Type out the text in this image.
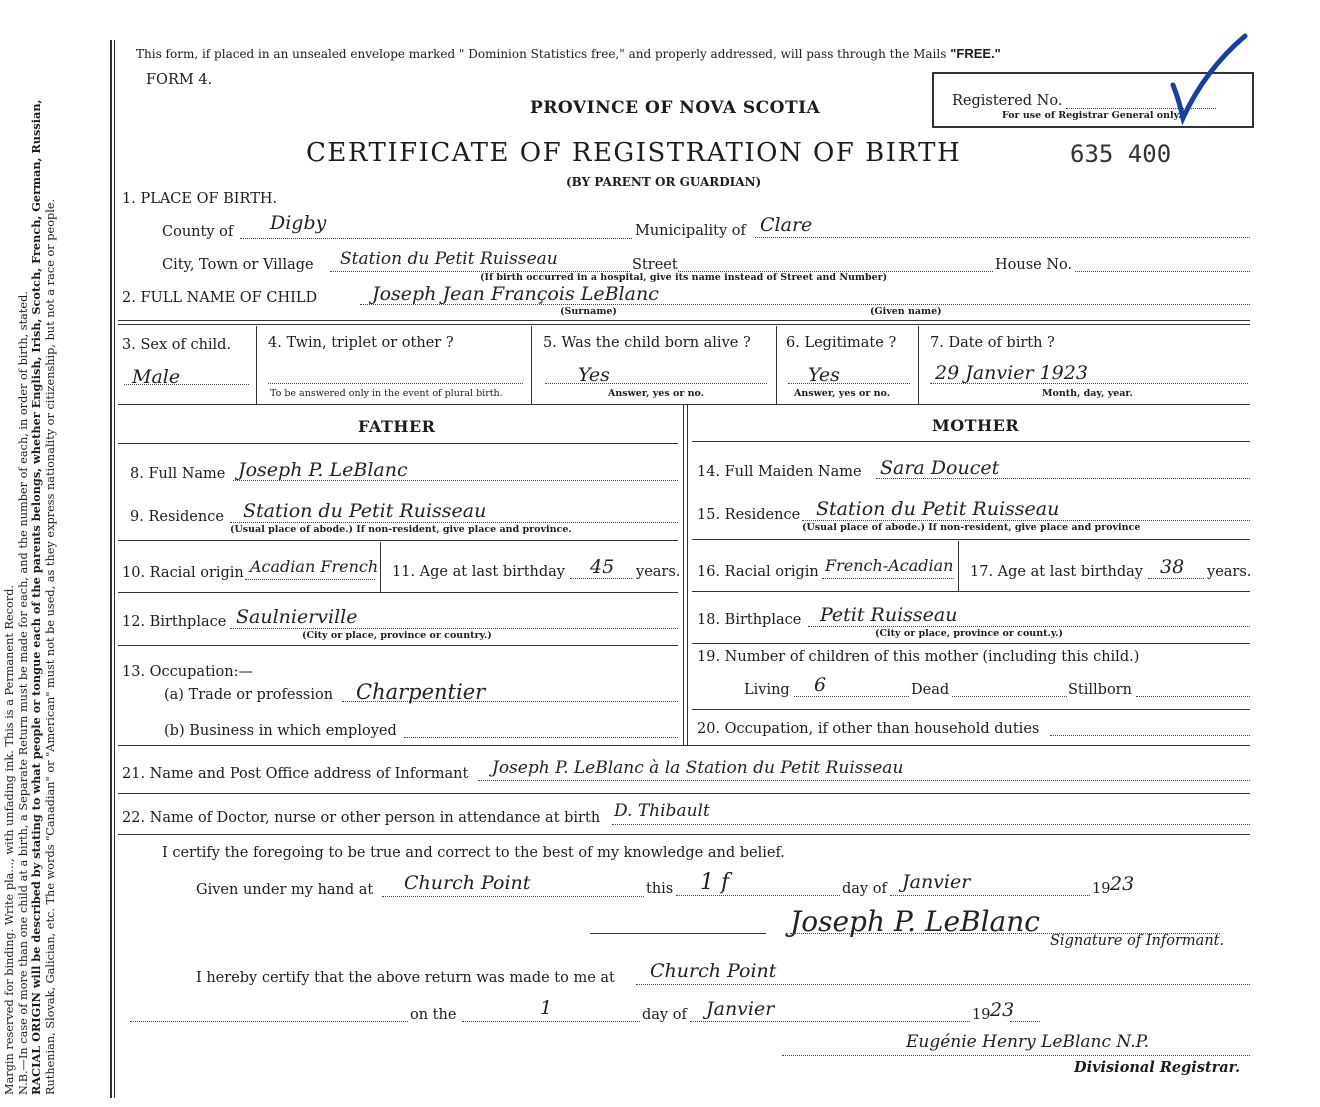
Margin reserved for binding. Write pla..., with unfading ink. This is a Permanent Record. N.B.—In case of more than one child at a birth, a Separate Return must be made for each, and the number of each, in order of birth, stated. RACIAL ORIGIN will be described by stating to what people or tongue each of the parents belongs, whether English, Irish, Scotch, French, German, Russian, Ruthenian, Slovak, Galician, etc. The words "Canadian" or "American" must not be used, as they express nationality or citizenship, but not a race or people.
This form, if placed in an unsealed envelope marked " Dominion Statistics free," and properly addressed, will pass through the Mails "FREE."
FORM 4.
PROVINCE OF NOVA SCOTIA
CERTIFICATE OF REGISTRATION OF BIRTH	635 400
(BY PARENT OR GUARDIAN)
Registered No.
For use of Registrar General only.
1. PLACE OF BIRTH.
County of Digby	Municipality of Clare
City, Town or Village Station du Petit Ruisseau	Street	House No.
(If birth occurred in a hospital, give its name instead of Street and Number)
2. FULL NAME OF CHILD	Joseph Jean François LeBlanc
(Surname)	(Given name)
3. Sex of child.
Male
4. Twin, triplet or other ?
To be answered only in the event of plural birth.
5. Was the child born alive ?
Yes
Answer, yes or no.
6. Legitimate ?
Yes
Answer, yes or no.
7. Date of birth ?
29 Janvier 1923
Month, day, year.
FATHER	MOTHER
8. Full Name Joseph P. LeBlanc
9. Residence Station du Petit Ruisseau
(Usual place of abode.) If non-resident, give place and province.
10. Racial origin Acadian French 11. Age at last birthday 45 years.
12. Birthplace Saulnierville
(City or place, province or country.)
13. Occupation:—
(a) Trade or profession Charpentier
(b) Business in which employed
14. Full Maiden Name Sara Doucet
15. Residence Station du Petit Ruisseau
(Usual place of abode.) If non-resident, give place and province
16. Racial origin French-Acadian 17. Age at last birthday 38 years.
18. Birthplace Petit Ruisseau
(City or place, province or count.y.)
19. Number of children of this mother (including this child.)
Living 6	Dead	Stillborn
20. Occupation, if other than household duties
21. Name and Post Office address of Informant Joseph P. LeBlanc à la Station du Petit Ruisseau
22. Name of Doctor, nurse or other person in attendance at birth D. Thibault
I certify the foregoing to be true and correct to the best of my knowledge and belief.
Given under my hand at Church Point	this 1 f	day of Janvier	19 23
Joseph P. LeBlanc
Signature of Informant.
I hereby certify that the above return was made to me at Church Point
on the	1	day of Janvier	19 23
Eugénie Henry LeBlanc N.P.
Divisional Registrar.
